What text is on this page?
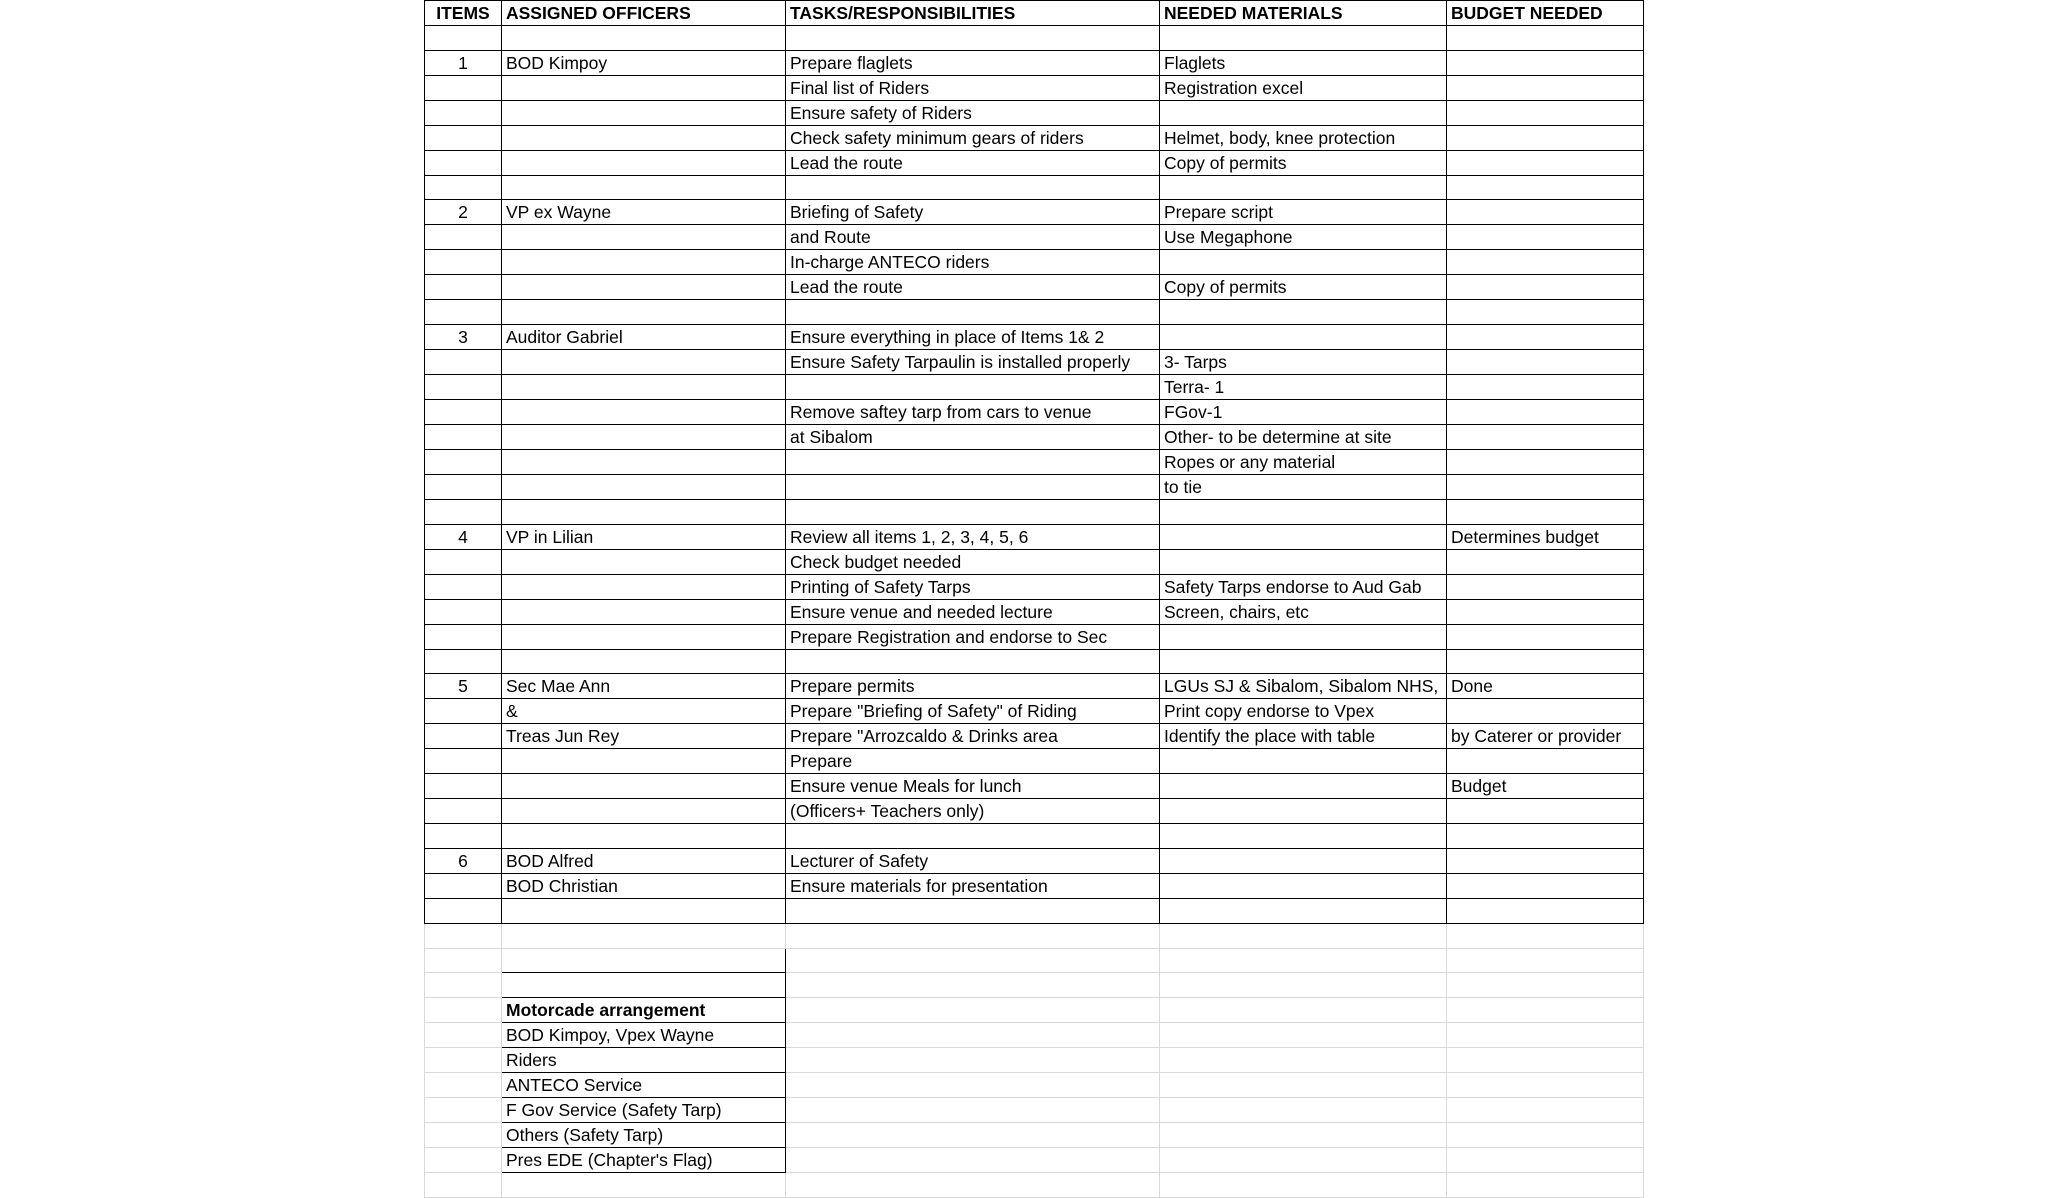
ITEMS	ASSIGNED OFFICERS	TASKS/RESPONSIBILITIES	NEEDED MATERIALS	BUDGET NEEDED

1	BOD Kimpoy	Prepare flaglets	Flaglets	
		Final list of Riders	Registration excel	
		Ensure safety of Riders		
		Check safety minimum gears of riders	Helmet, body, knee protection	
		Lead the route	Copy of permits	

2	VP ex Wayne	Briefing of Safety	Prepare script	
		and Route	Use Megaphone	
		In-charge ANTECO riders		
		Lead the route	Copy of permits	

3	Auditor Gabriel	Ensure everything in place of Items 1& 2		
		Ensure Safety Tarpaulin is installed properly	3- Tarps	
			Terra- 1	
		Remove saftey tarp from cars to venue	FGov-1	
		at Sibalom	Other- to be determine at site	
			Ropes or any material	
			to tie	

4	VP in Lilian	Review all items 1, 2, 3, 4, 5, 6		Determines budget
		Check budget needed		
		Printing of Safety Tarps	Safety Tarps endorse to Aud Gab	
		Ensure venue and needed lecture	Screen, chairs, etc	
		Prepare Registration and endorse to Sec		

5	Sec Mae Ann	Prepare permits	LGUs SJ & Sibalom, Sibalom NHS,	Done
	&	Prepare "Briefing of Safety" of Riding	Print copy endorse to Vpex	
	Treas Jun Rey	Prepare "Arrozcaldo & Drinks area	Identify the place with table	by Caterer or provider
		Prepare		
		Ensure venue Meals for lunch		Budget
		(Officers+ Teachers only)		

6	BOD Alfred	Lecturer of Safety		
	BOD Christian	Ensure materials for presentation		

	Motorcade arrangement			
	BOD Kimpoy, Vpex Wayne			
	Riders			
	ANTECO Service			
	F Gov Service (Safety Tarp)			
	Others (Safety Tarp)			
	Pres EDE (Chapter's Flag)			
